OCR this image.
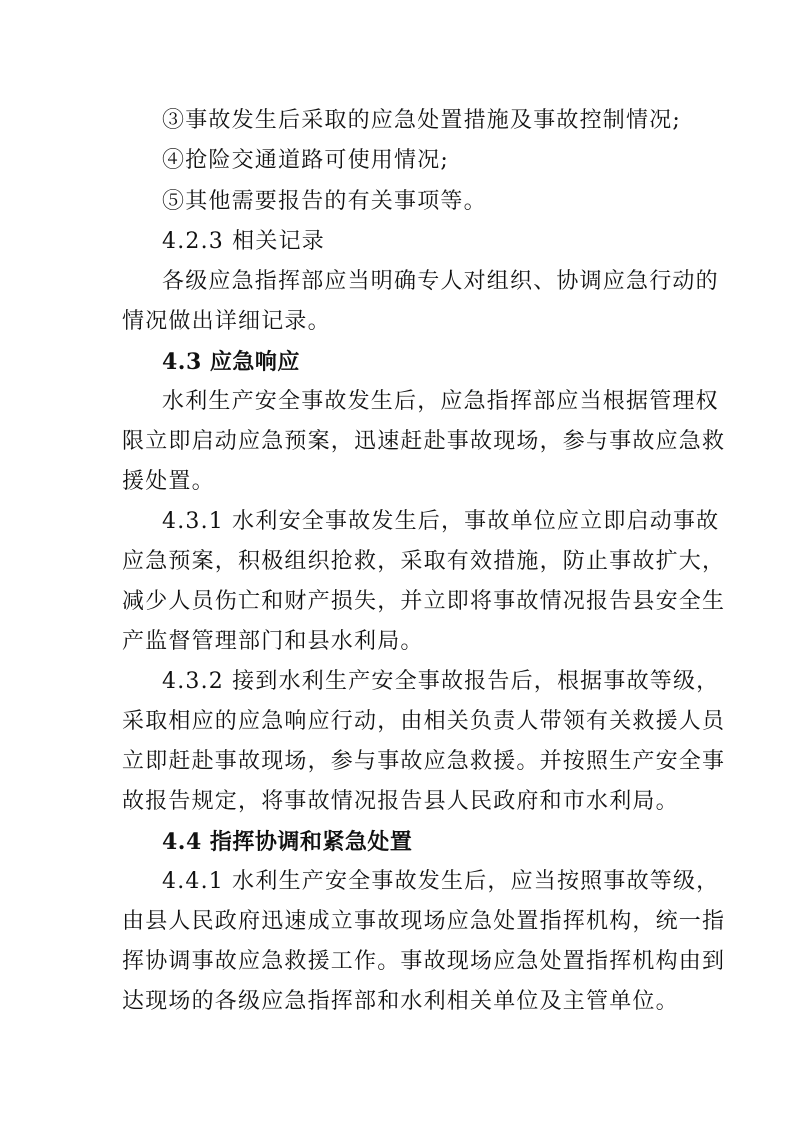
③事故发生后采取的应急处置措施及事故控制情况;
④抢险交通道路可使用情况;
⑤其他需要报告的有关事项等。
4.2.3 相关记录
各级应急指挥部应当明确专人对组织、协调应急行动的
情况做出详细记录。
4.3 应急响应
水利生产安全事故发生后，应急指挥部应当根据管理权
限立即启动应急预案，迅速赶赴事故现场，参与事故应急救
援处置。
4.3.1 水利安全事故发生后，事故单位应立即启动事故
应急预案，积极组织抢救，采取有效措施，防止事故扩大，
减少人员伤亡和财产损失，并立即将事故情况报告县安全生
产监督管理部门和县水利局。
4.3.2 接到水利生产安全事故报告后，根据事故等级，
采取相应的应急响应行动，由相关负责人带领有关救援人员
立即赶赴事故现场，参与事故应急救援。并按照生产安全事
故报告规定，将事故情况报告县人民政府和市水利局。
4.4 指挥协调和紧急处置
4.4.1 水利生产安全事故发生后，应当按照事故等级，
由县人民政府迅速成立事故现场应急处置指挥机构，统一指
挥协调事故应急救援工作。事故现场应急处置指挥机构由到
达现场的各级应急指挥部和水利相关单位及主管单位。
